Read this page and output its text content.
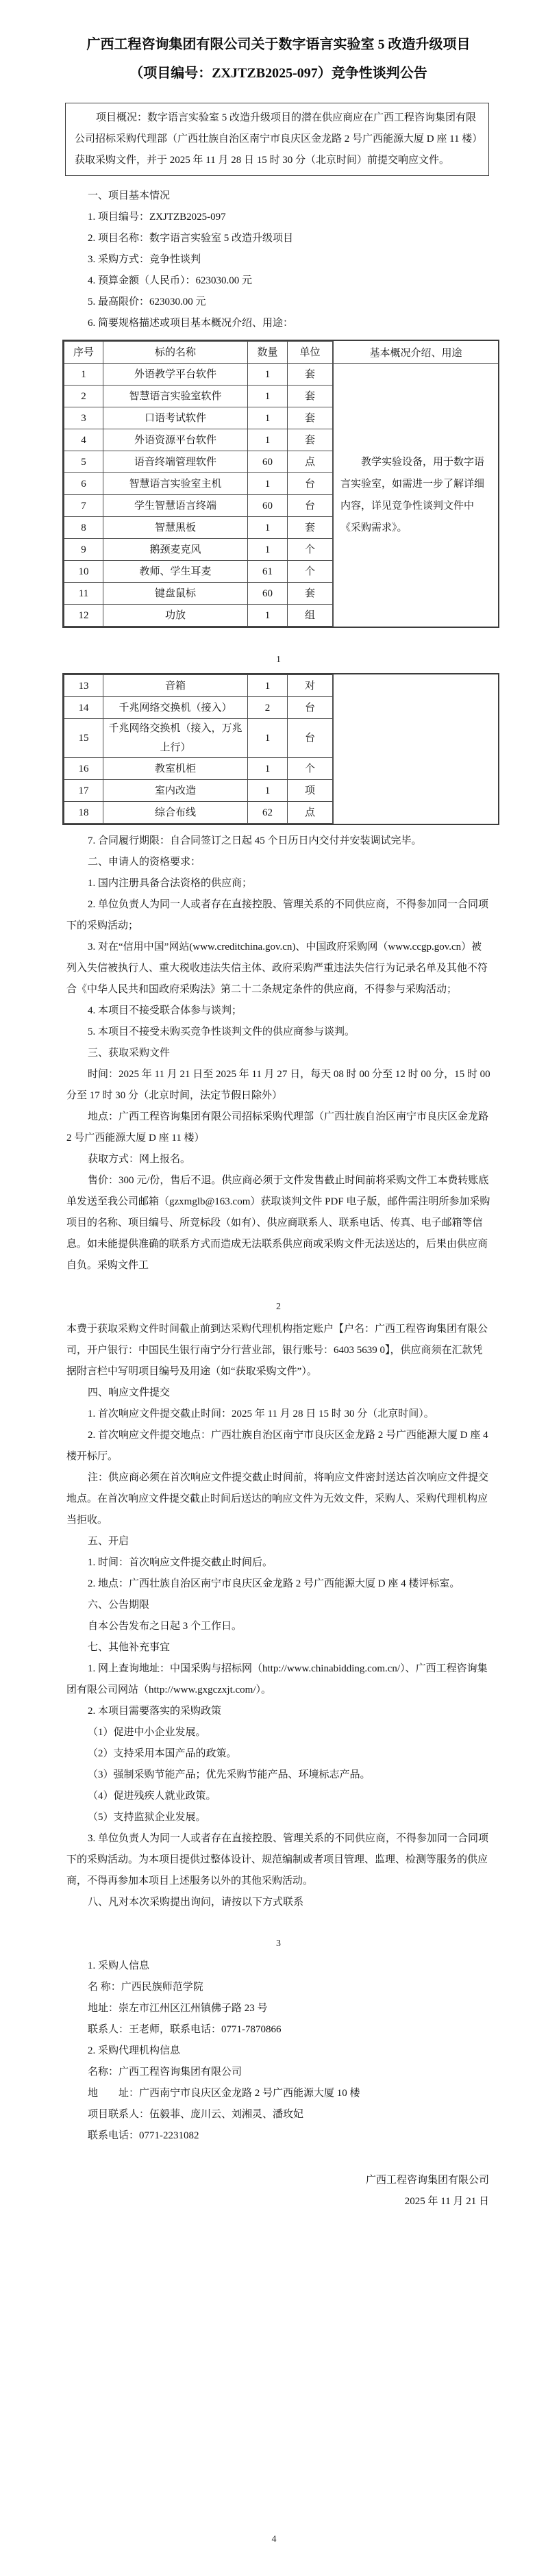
广西工程咨询集团有限公司关于数字语言实验室 5 改造升级项目
（项目编号：ZXJTZB2025-097）竞争性谈判公告

项目概况：数字语言实验室 5 改造升级项目的潜在供应商应在广西工程咨询集团有限公司招标采购代理部（广西壮族自治区南宁市良庆区金龙路 2 号广西能源大厦 D 座 11 楼）获取采购文件，并于 2025 年 11 月 28 日 15 时 30 分（北京时间）前提交响应文件。

一、项目基本情况

1. 项目编号：ZXJTZB2025-097

2. 项目名称：数字语言实验室 5 改造升级项目

3. 采购方式：竞争性谈判

4. 预算金额（人民币）：623030.00 元

5. 最高限价：623030.00 元

6. 简要规格描述或项目基本概况介绍、用途：

序号	标的名称	数量	单位
1	外语教学平台软件	1	套
2	智慧语言实验室软件	1	套
3	口语考试软件	1	套
4	外语资源平台软件	1	套
5	语音终端管理软件	60	点
6	智慧语言实验室主机	1	台
7	学生智慧语言终端	60	台
8	智慧黑板	1	套
9	鹅颈麦克风	1	个
10	教师、学生耳麦	61	个
11	键盘鼠标	60	套
12	功放	1	组
基本概况介绍、用途

教学实验设备，用于数字语言实验室，如需进一步了解详细内容，详见竞争性谈判文件中《采购需求》。

1
13	音箱	1	对
14	千兆网络交换机（接入）	2	台
15	千兆网络交换机（接入，万兆上行）	1	台
16	教室机柜	1	个
17	室内改造	1	项
18	综合布线	62	点

7. 合同履行期限：自合同签订之日起 45 个日历日内交付并安装调试完毕。

二、申请人的资格要求：

1. 国内注册具备合法资格的供应商；

2. 单位负责人为同一人或者存在直接控股、管理关系的不同供应商，不得参加同一合同项下的采购活动；

3. 对在“信用中国”网站(www.creditchina.gov.cn)、中国政府采购网（www.ccgp.gov.cn）被列入失信被执行人、重大税收违法失信主体、政府采购严重违法失信行为记录名单及其他不符合《中华人民共和国政府采购法》第二十二条规定条件的供应商，不得参与采购活动；

4. 本项目不接受联合体参与谈判；

5. 本项目不接受未购买竞争性谈判文件的供应商参与谈判。

三、获取采购文件

时间：2025 年 11 月 21 日至 2025 年 11 月 27 日，每天 08 时 00 分至 12 时 00 分，15 时 00 分至 17 时 30 分（北京时间，法定节假日除外）

地点：广西工程咨询集团有限公司招标采购代理部（广西壮族自治区南宁市良庆区金龙路 2 号广西能源大厦 D 座 11 楼）

获取方式：网上报名。

售价：300 元/份，售后不退。供应商必须于文件发售截止时间前将采购文件工本费转账底单发送至我公司邮箱（gzxmglb@163.com）获取谈判文件 PDF 电子版，邮件需注明所参加采购项目的名称、项目编号、所竞标段（如有）、供应商联系人、联系电话、传真、电子邮箱等信息。如未能提供准确的联系方式而造成无法联系供应商或采购文件无法送达的，后果由供应商自负。采购文件工

2

本费于获取采购文件时间截止前到达采购代理机构指定账户【户名：广西工程咨询集团有限公司，开户银行：中国民生银行南宁分行营业部，银行账号：6403 5639 0】，供应商须在汇款凭据附言栏中写明项目编号及用途（如“获取采购文件”）。

四、响应文件提交

1. 首次响应文件提交截止时间：2025 年 11 月 28 日 15 时 30 分（北京时间）。

2. 首次响应文件提交地点：广西壮族自治区南宁市良庆区金龙路 2 号广西能源大厦 D 座 4 楼开标厅。

注：供应商必须在首次响应文件提交截止时间前，将响应文件密封送达首次响应文件提交地点。在首次响应文件提交截止时间后送达的响应文件为无效文件，采购人、采购代理机构应当拒收。

五、开启

1. 时间：首次响应文件提交截止时间后。

2. 地点：广西壮族自治区南宁市良庆区金龙路 2 号广西能源大厦 D 座 4 楼评标室。

六、公告期限

自本公告发布之日起 3 个工作日。

七、其他补充事宜

1. 网上查询地址：中国采购与招标网（http://www.chinabidding.com.cn/）、广西工程咨询集团有限公司网站（http://www.gxgczxjt.com/）。

2. 本项目需要落实的采购政策

（1）促进中小企业发展。

（2）支持采用本国产品的政策。

（3）强制采购节能产品；优先采购节能产品、环境标志产品。

（4）促进残疾人就业政策。

（5）支持监狱企业发展。

3. 单位负责人为同一人或者存在直接控股、管理关系的不同供应商，不得参加同一合同项下的采购活动。为本项目提供过整体设计、规范编制或者项目管理、监理、检测等服务的供应商，不得再参加本项目上述服务以外的其他采购活动。

八、凡对本次采购提出询问，请按以下方式联系

3

1. 采购人信息

名 称：广西民族师范学院

地址：崇左市江州区江州镇佛子路 23 号

联系人：王老师，联系电话：0771-7870866

2. 采购代理机构信息

名称：广西工程咨询集团有限公司

地　　址：广西南宁市良庆区金龙路 2 号广西能源大厦 10 楼

项目联系人：伍毅菲、庞川云、刘湘灵、潘玫妃

联系电话：0771-2231082

广西工程咨询集团有限公司

2025 年 11 月 21 日

4
